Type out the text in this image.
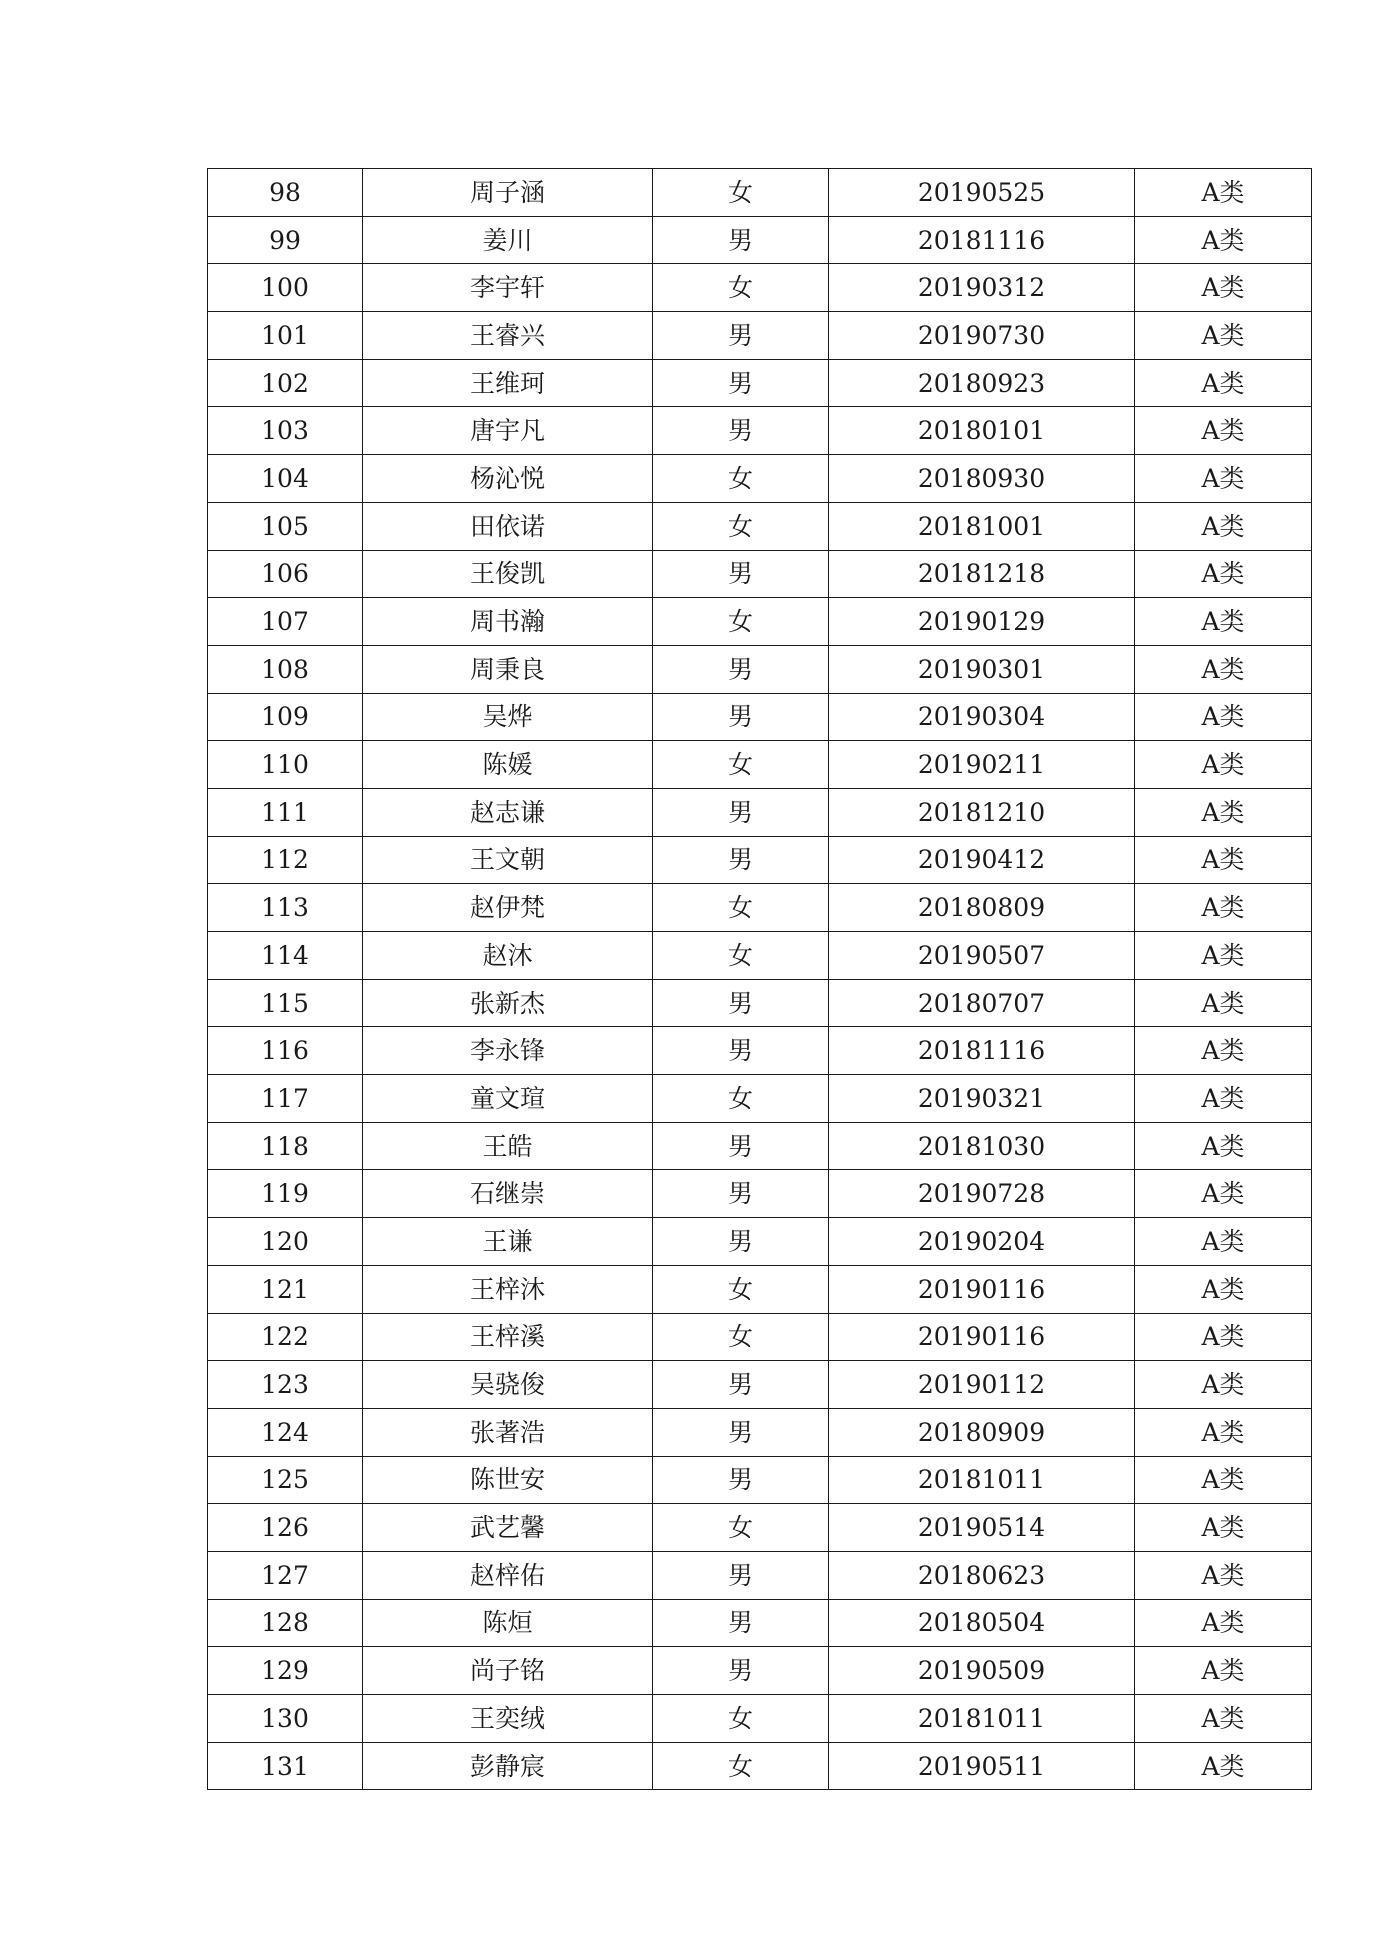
98	周子涵	女	20190525	A类
99	姜川	男	20181116	A类
100	李宇轩	女	20190312	A类
101	王睿兴	男	20190730	A类
102	王维珂	男	20180923	A类
103	唐宇凡	男	20180101	A类
104	杨沁悦	女	20180930	A类
105	田依诺	女	20181001	A类
106	王俊凯	男	20181218	A类
107	周书瀚	女	20190129	A类
108	周秉良	男	20190301	A类
109	吴烨	男	20190304	A类
110	陈媛	女	20190211	A类
111	赵志谦	男	20181210	A类
112	王文朝	男	20190412	A类
113	赵伊梵	女	20180809	A类
114	赵沐	女	20190507	A类
115	张新杰	男	20180707	A类
116	李永锋	男	20181116	A类
117	童文瑄	女	20190321	A类
118	王皓	男	20181030	A类
119	石继崇	男	20190728	A类
120	王谦	男	20190204	A类
121	王梓沐	女	20190116	A类
122	王梓溪	女	20190116	A类
123	吴骁俊	男	20190112	A类
124	张著浩	男	20180909	A类
125	陈世安	男	20181011	A类
126	武艺馨	女	20190514	A类
127	赵梓佑	男	20180623	A类
128	陈烜	男	20180504	A类
129	尚子铭	男	20190509	A类
130	王奕绒	女	20181011	A类
131	彭静宸	女	20190511	A类
